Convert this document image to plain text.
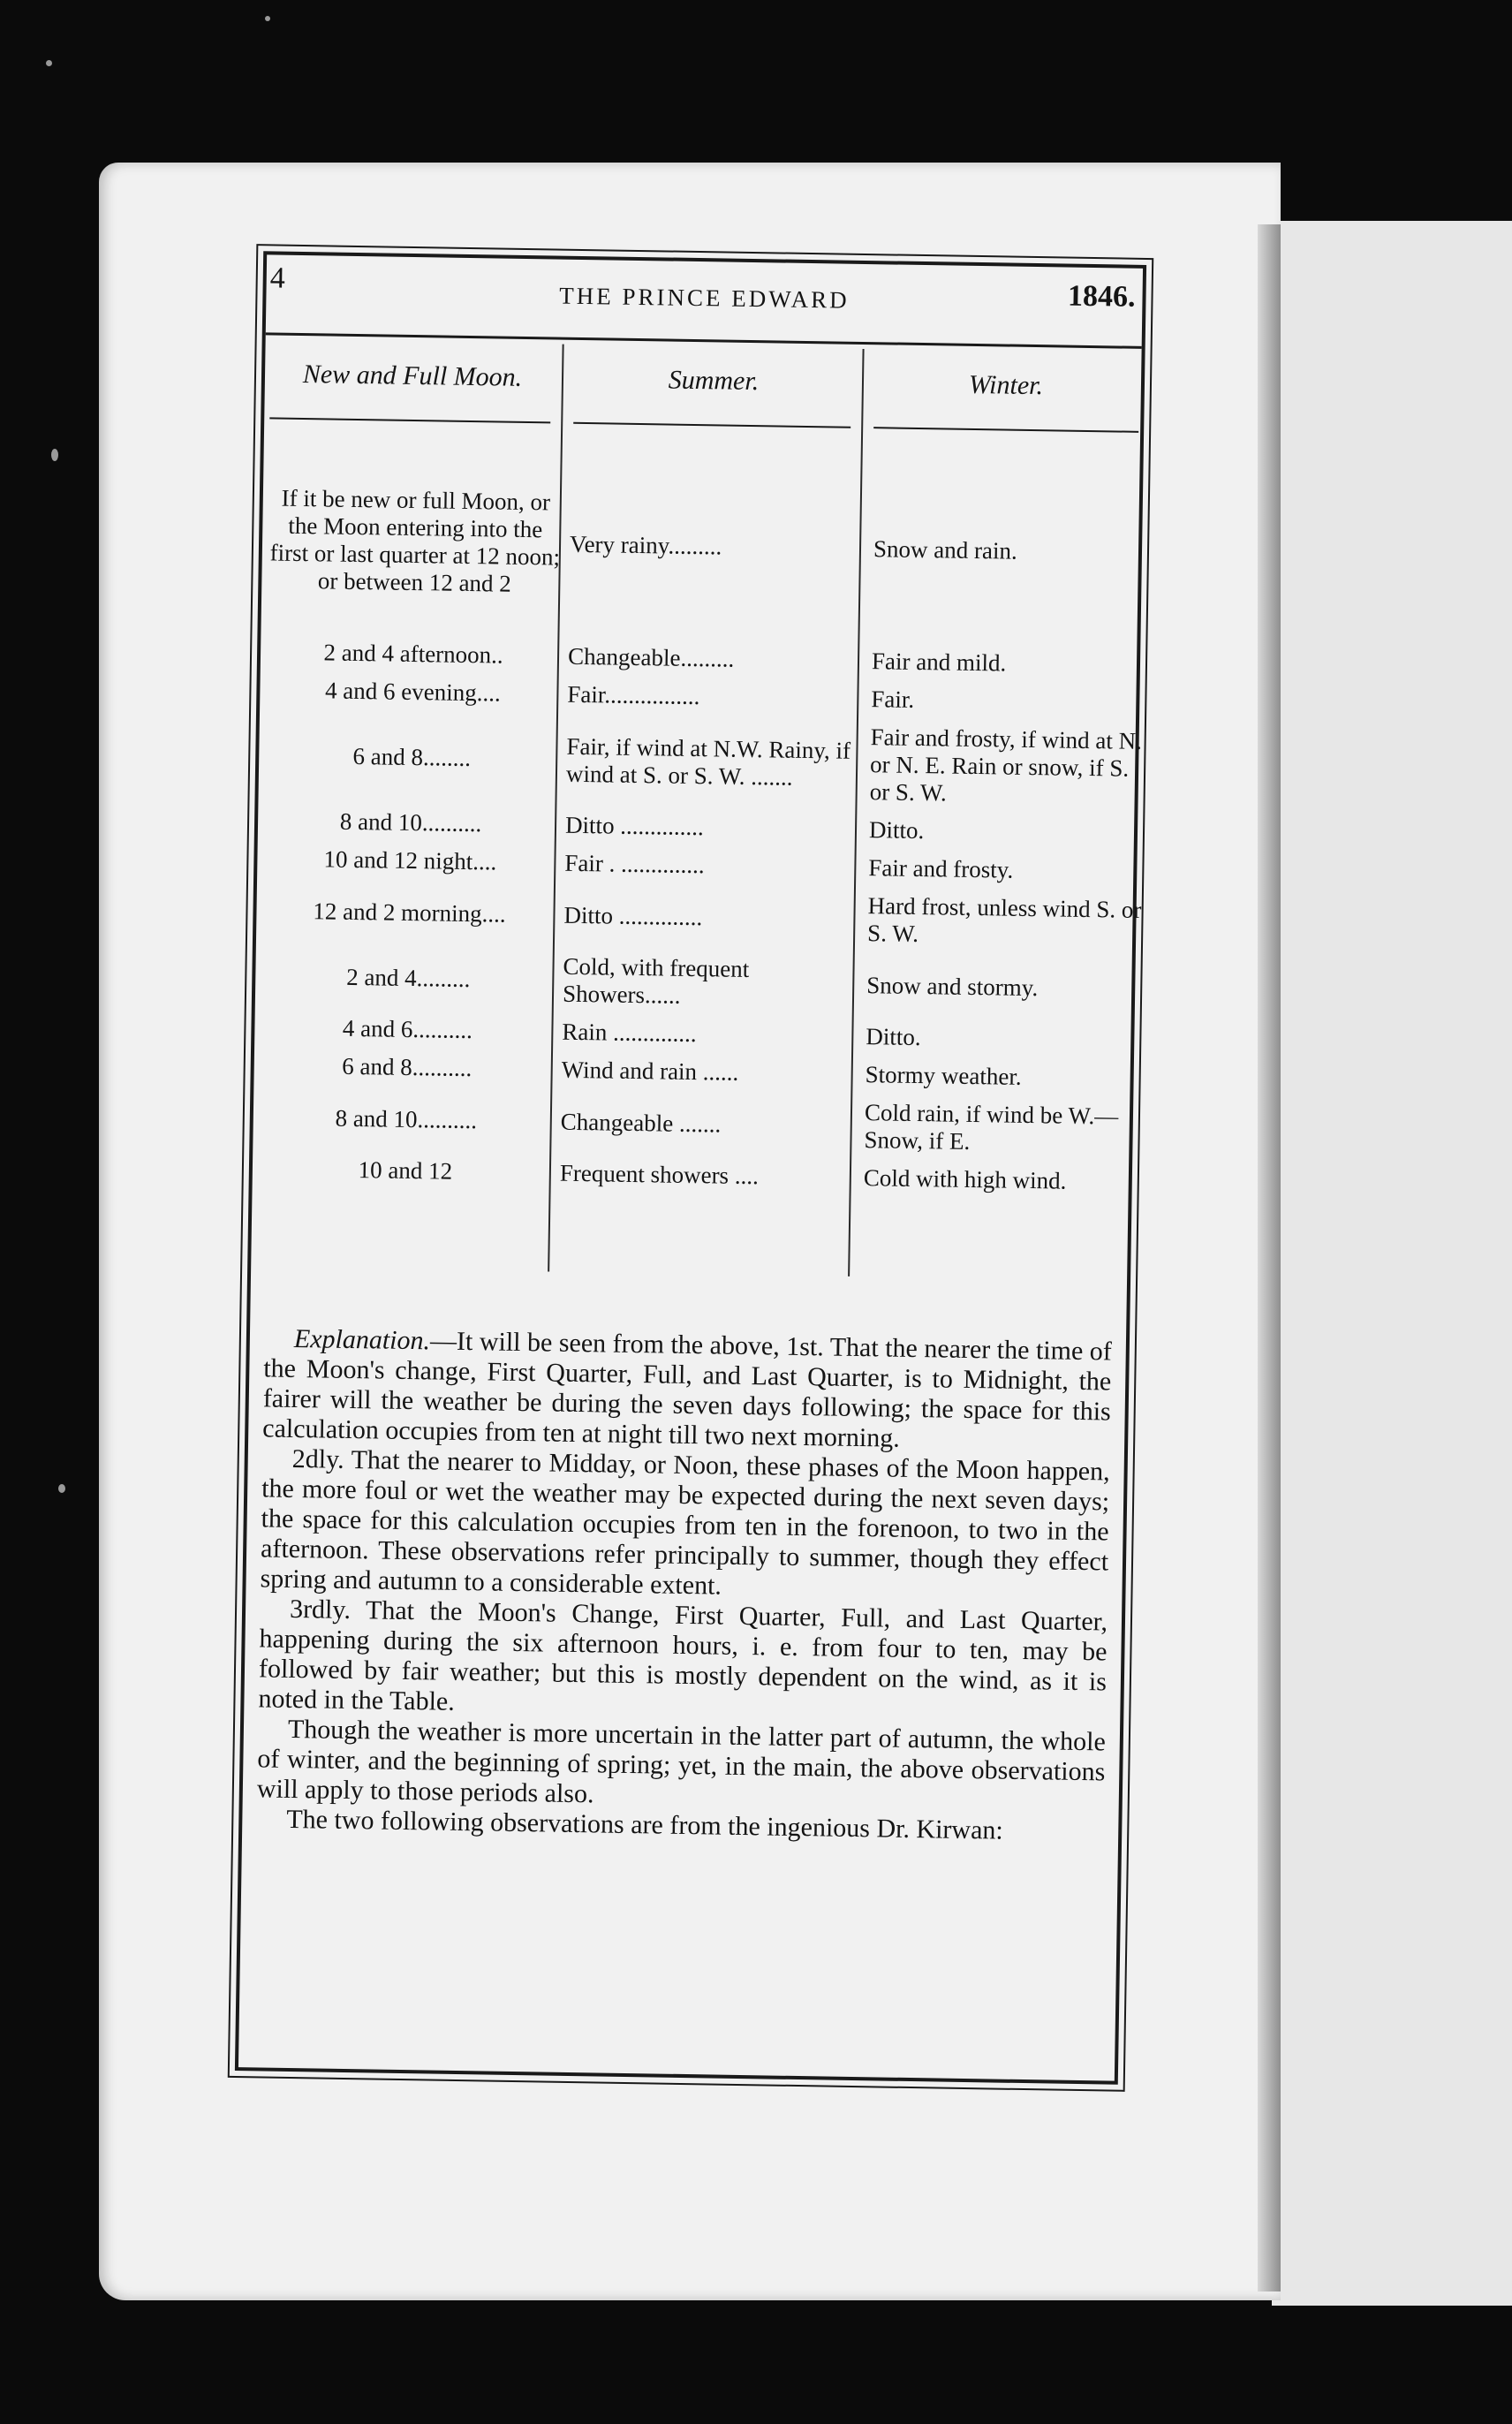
4
THE PRINCE EDWARD	1846.
New and Full Moon.	Summer.	Winter.
If it be new or full Moon, or the Moon entering into the first or last quarter at 12 noon; or between 12 and 2	Very rainy.........	Snow and rain.
2 and 4 afternoon..	Changeable.........	Fair and mild.
4 and 6 evening....	Fair................	Fair.
6 and 8........	Fair, if wind at N.W. Rainy, if wind at S. or S. W. .......	Fair and frosty, if wind at N. or N. E. Rain or snow, if S. or S. W.
8 and 10..........	Ditto ..............	Ditto.
10 and 12 night....	Fair . ..............	Fair and frosty.
12 and 2 morning....	Ditto ..............	Hard frost, unless wind S. or S. W.
2 and 4.........	Cold, with frequent Showers......	Snow and stormy.
4 and 6..........	Rain ..............	Ditto.
6 and 8..........	Wind and rain ......	Stormy weather.
8 and 10..........	Changeable .......	Cold rain, if wind be W.—Snow, if E.
10 and 12	Frequent showers ....	Cold with high wind.

Explanation.—It will be seen from the above, 1st. That the nearer the time of the Moon's change, First Quarter, Full, and Last Quarter, is to Midnight, the fairer will the weather be during the seven days following; the space for this calculation occupies from ten at night till two next morning.

2dly. That the nearer to Midday, or Noon, these phases of the Moon happen, the more foul or wet the weather may be expected during the next seven days; the space for this calculation occupies from ten in the forenoon, to two in the afternoon. These observations refer principally to summer, though they effect spring and autumn to a considerable extent.

3rdly. That the Moon's Change, First Quarter, Full, and Last Quarter, happening during the six afternoon hours, i. e. from four to ten, may be followed by fair weather; but this is mostly dependent on the wind, as it is noted in the Table.

Though the weather is more uncertain in the latter part of autumn, the whole of winter, and the beginning of spring; yet, in the main, the above observations will apply to those periods also.

The two following observations are from the ingenious Dr. Kirwan:
